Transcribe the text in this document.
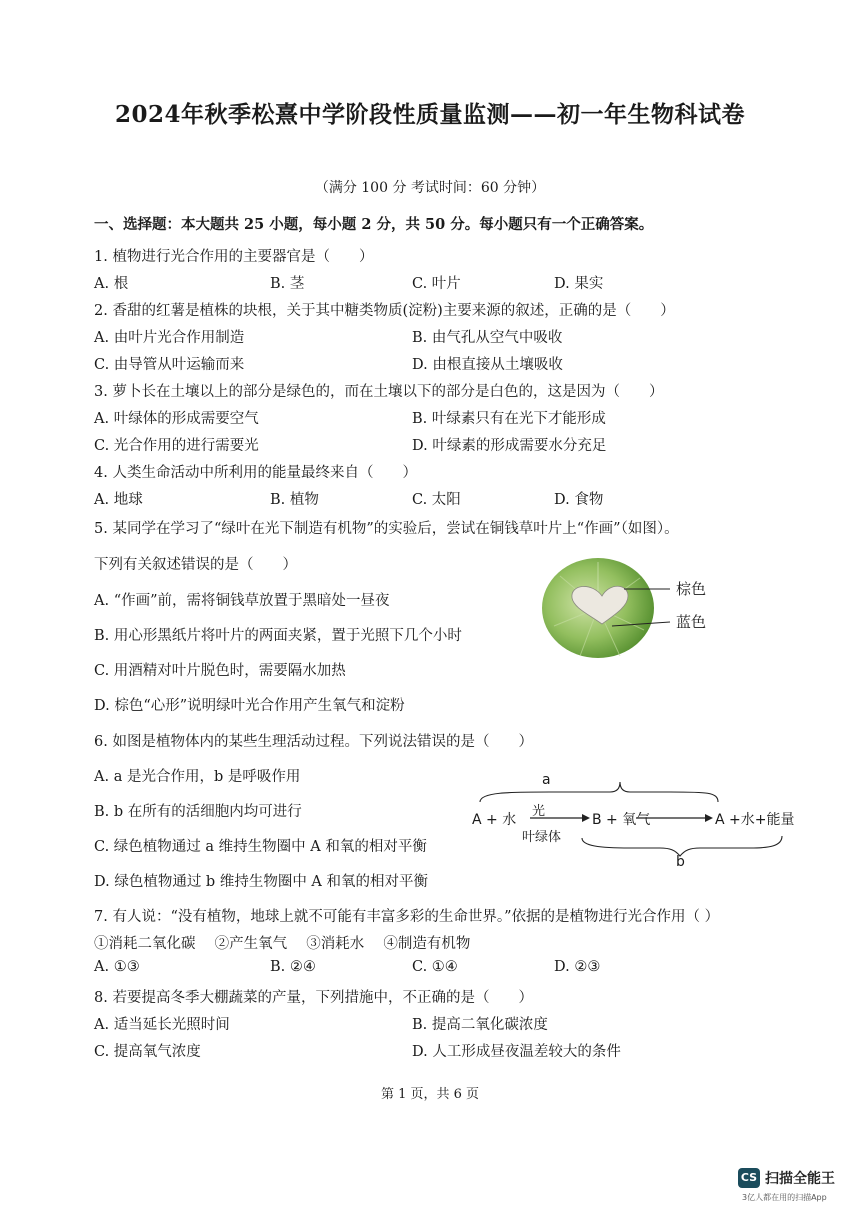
2024年秋季松熹中学阶段性质量监测——初一年生物科试卷
（满分 100 分 考试时间：60 分钟）
一、选择题：本大题共 25 小题，每小题 2 分，共 50 分。每小题只有一个正确答案。
1. 植物进行光合作用的主要器官是（　　）
A. 根	B. 茎	C. 叶片	D. 果实
2. 香甜的红薯是植株的块根，关于其中糖类物质(淀粉)主要来源的叙述，正确的是（　　）
A. 由叶片光合作用制造	B. 由气孔从空气中吸收
C. 由导管从叶运输而来	D. 由根直接从土壤吸收
3. 萝卜长在土壤以上的部分是绿色的，而在土壤以下的部分是白色的，这是因为（　　）
A. 叶绿体的形成需要空气	B. 叶绿素只有在光下才能形成
C. 光合作用的进行需要光	D. 叶绿素的形成需要水分充足
4. 人类生命活动中所利用的能量最终来自（　　）
A. 地球	B. 植物	C. 太阳	D. 食物
5. 某同学在学习了“绿叶在光下制造有机物”的实验后，尝试在铜钱草叶片上“作画”（如图）。
下列有关叙述错误的是（　　）
A. “作画”前，需将铜钱草放置于黑暗处一昼夜
B. 用心形黑纸片将叶片的两面夹紧，置于光照下几个小时
C. 用酒精对叶片脱色时，需要隔水加热
D. 棕色“心形”说明绿叶光合作用产生氧气和淀粉
棕色
蓝色
6. 如图是植物体内的某些生理活动过程。下列说法错误的是（　　）
A. a 是光合作用，b 是呼吸作用
B. b 在所有的活细胞内均可进行
C. 绿色植物通过 a 维持生物圈中 A 和氧的相对平衡
D. 绿色植物通过 b 维持生物圈中 A 和氧的相对平衡
a
A + 水
光
叶绿体
B + 氧气	A +水+能量
b
7. 有人说：“没有植物，地球上就不可能有丰富多彩的生命世界。”依据的是植物进行光合作用（ ）
①消耗二氧化碳　 ②产生氧气　 ③消耗水　 ④制造有机物
A. ①③	B. ②④	C. ①④	D. ②③
8. 若要提高冬季大棚蔬菜的产量，下列措施中，不正确的是（　　）
A. 适当延长光照时间	B. 提高二氧化碳浓度
C. 提高氧气浓度	D. 人工形成昼夜温差较大的条件
第 1 页，共 6 页
CS 扫描全能王
3亿人都在用的扫描App
